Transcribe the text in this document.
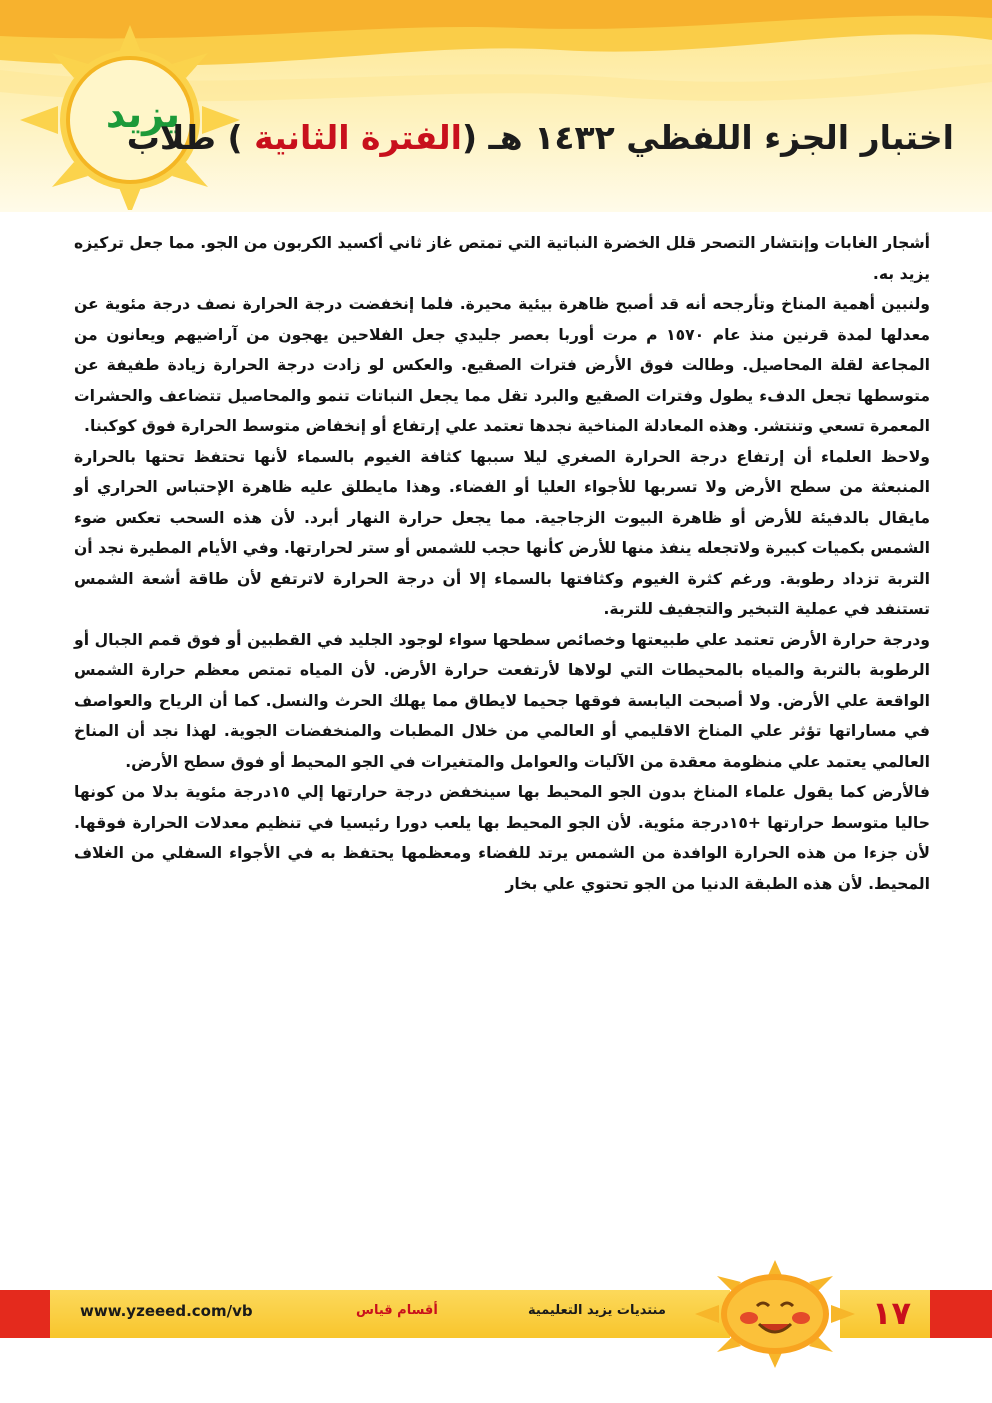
يزيد
اختبار الجزء اللفظي ١٤٣٢ هـ (الفترة الثانية ) طلاب

أشجار الغابات وإنتشار التصحر قلل الخضرة النباتية التي تمتص غاز ثاني أكسيد الكربون من الجو. مما جعل تركيزه يزيد به.

ولنبين أهمية المناخ وتأرجحه أنه قد أصبح ظاهرة بيئية محيرة. فلما إنخفضت درجة الحرارة نصف درجة مئوية عن معدلها لمدة قرنين منذ عام ١٥٧٠ م مرت أوربا بعصر جليدي جعل الفلاحين يهجون من آراضيهم ويعانون من المجاعة لقلة المحاصيل. وطالت فوق الأرض فترات الصقيع. والعكس لو زادت درجة الحرارة زيادة طفيفة عن متوسطها تجعل الدفء يطول وفترات الصقيع والبرد تقل مما يجعل النباتات تنمو والمحاصيل تتضاعف والحشرات المعمرة تسعي وتنتشر. وهذه المعادلة المناخية نجدها تعتمد علي إرتفاع أو إنخفاض متوسط الحرارة فوق كوكبنا.

ولاحظ العلماء أن إرتفاع درجة الحرارة الصغري ليلا سببها كثافة الغيوم بالسماء لأنها تحتفظ تحتها بالحرارة المنبعثة من سطح الأرض ولا تسربها للأجواء العليا أو الفضاء. وهذا مايطلق عليه ظاهرة الإحتباس الحراري أو مايقال بالدفيئة للأرض أو ظاهرة البيوت الزجاجية. مما يجعل حرارة النهار أبرد. لأن هذه السحب تعكس ضوء الشمس بكميات كبيرة ولاتجعله ينفذ منها للأرض كأنها حجب للشمس أو ستر لحرارتها. وفي الأيام المطيرة نجد أن التربة تزداد رطوبة. ورغم كثرة الغيوم وكثافتها بالسماء إلا أن درجة الحرارة لاترتفع لأن طاقة أشعة الشمس تستنفد في عملية التبخير والتجفيف للتربة.

ودرجة حرارة الأرض تعتمد علي طبيعتها وخصائص سطحها سواء لوجود الجليد في القطبين أو فوق قمم الجبال أو الرطوبة بالتربة والمياه بالمحيطات التي لولاها لأرتفعت حرارة الأرض. لأن المياه تمتص معظم حرارة الشمس الواقعة علي الأرض. ولا أصبحت اليابسة فوقها جحيما لايطاق مما يهلك الحرث والنسل. كما أن الرياح والعواصف في مساراتها تؤثر علي المناخ الاقليمي أو العالمي من خلال المطبات والمنخفضات الجوية. لهذا نجد أن المناخ العالمي يعتمد علي منظومة معقدة من الآليات والعوامل والمتغيرات في الجو المحيط أو فوق سطح الأرض.

فالأرض كما يقول علماء المناخ بدون الجو المحيط بها سينخفض درجة حرارتها إلي ١٥درجة مئوية بدلا من كونها حاليا متوسط حرارتها +١٥درجة مئوية. لأن الجو المحيط بها يلعب دورا رئيسيا في تنظيم معدلات الحرارة فوقها. لأن جزءا من هذه الحرارة الوافدة من الشمس يرتد للفضاء ومعظمها يحتفظ به في الأجواء السفلي من الغلاف المحيط. لأن هذه الطبقة الدنيا من الجو تحتوي علي بخار

www.yzeeed.com/vb	أقسام قياس	منتديات يزيد التعليمية	١٧
